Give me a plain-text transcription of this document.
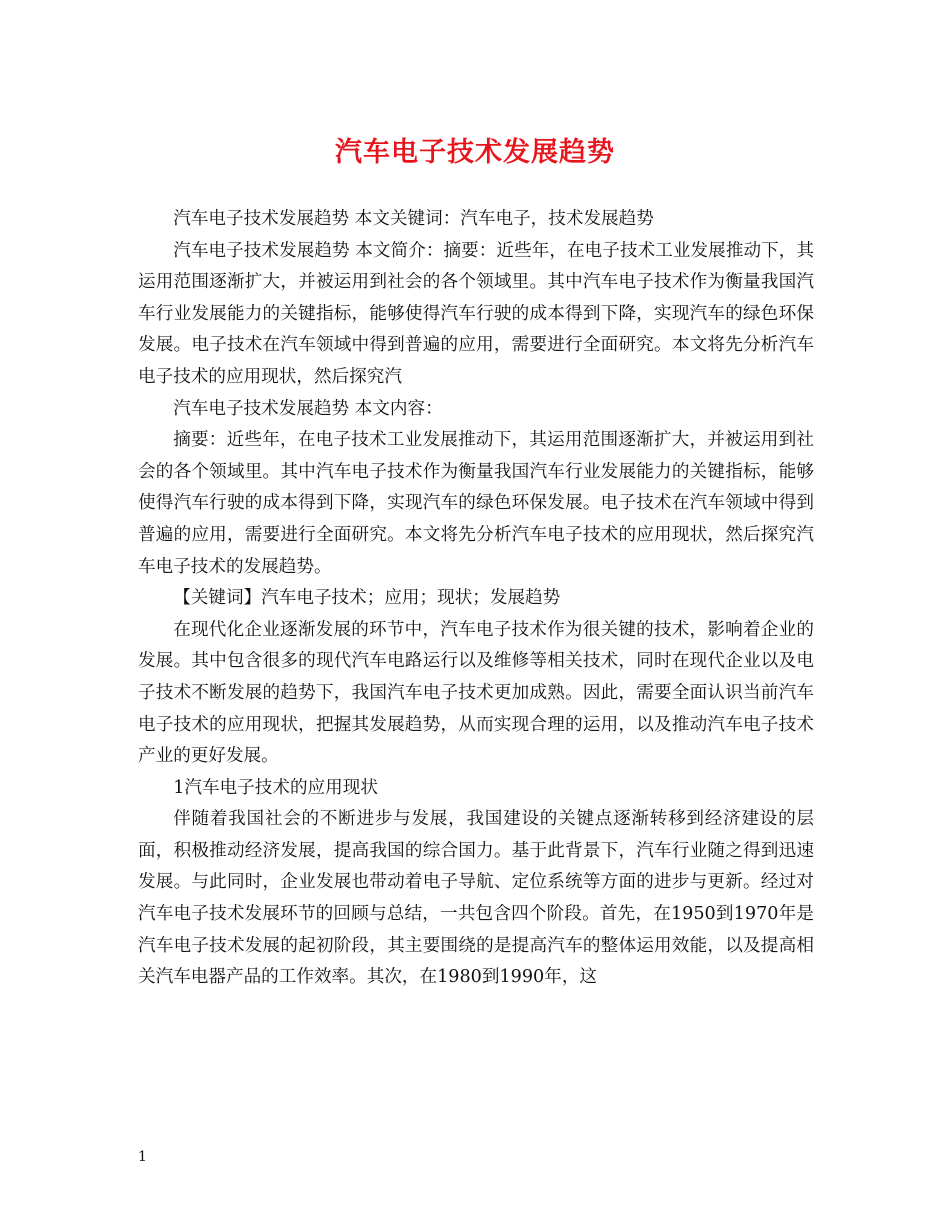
汽车电子技术发展趋势

汽车电子技术发展趋势 本文关键词：汽车电子，技术发展趋势

汽车电子技术发展趋势 本文简介：摘要：近些年，在电子技术工业发展推动下，其运用范围逐渐扩大，并被运用到社会的各个领域里。其中汽车电子技术作为衡量我国汽车行业发展能力的关键指标，能够使得汽车行驶的成本得到下降，实现汽车的绿色环保发展。电子技术在汽车领域中得到普遍的应用，需要进行全面研究。本文将先分析汽车电子技术的应用现状，然后探究汽

汽车电子技术发展趋势 本文内容：

摘要：近些年，在电子技术工业发展推动下，其运用范围逐渐扩大，并被运用到社会的各个领域里。其中汽车电子技术作为衡量我国汽车行业发展能力的关键指标，能够使得汽车行驶的成本得到下降，实现汽车的绿色环保发展。电子技术在汽车领域中得到普遍的应用，需要进行全面研究。本文将先分析汽车电子技术的应用现状，然后探究汽车电子技术的发展趋势。

【关键词】汽车电子技术；应用；现状；发展趋势

在现代化企业逐渐发展的环节中，汽车电子技术作为很关键的技术，影响着企业的发展。其中包含很多的现代汽车电路运行以及维修等相关技术，同时在现代企业以及电子技术不断发展的趋势下，我国汽车电子技术更加成熟。因此，需要全面认识当前汽车电子技术的应用现状，把握其发展趋势，从而实现合理的运用，以及推动汽车电子技术产业的更好发展。

1汽车电子技术的应用现状

伴随着我国社会的不断进步与发展，我国建设的关键点逐渐转移到经济建设的层面，积极推动经济发展，提高我国的综合国力。基于此背景下，汽车行业随之得到迅速发展。与此同时，企业发展也带动着电子导航、定位系统等方面的进步与更新。经过对汽车电子技术发展环节的回顾与总结，一共包含四个阶段。首先，在1950到1970年是汽车电子技术发展的起初阶段，其主要围绕的是提高汽车的整体运用效能，以及提高相关汽车电器产品的工作效率。其次，在1980到1990年，这

1
